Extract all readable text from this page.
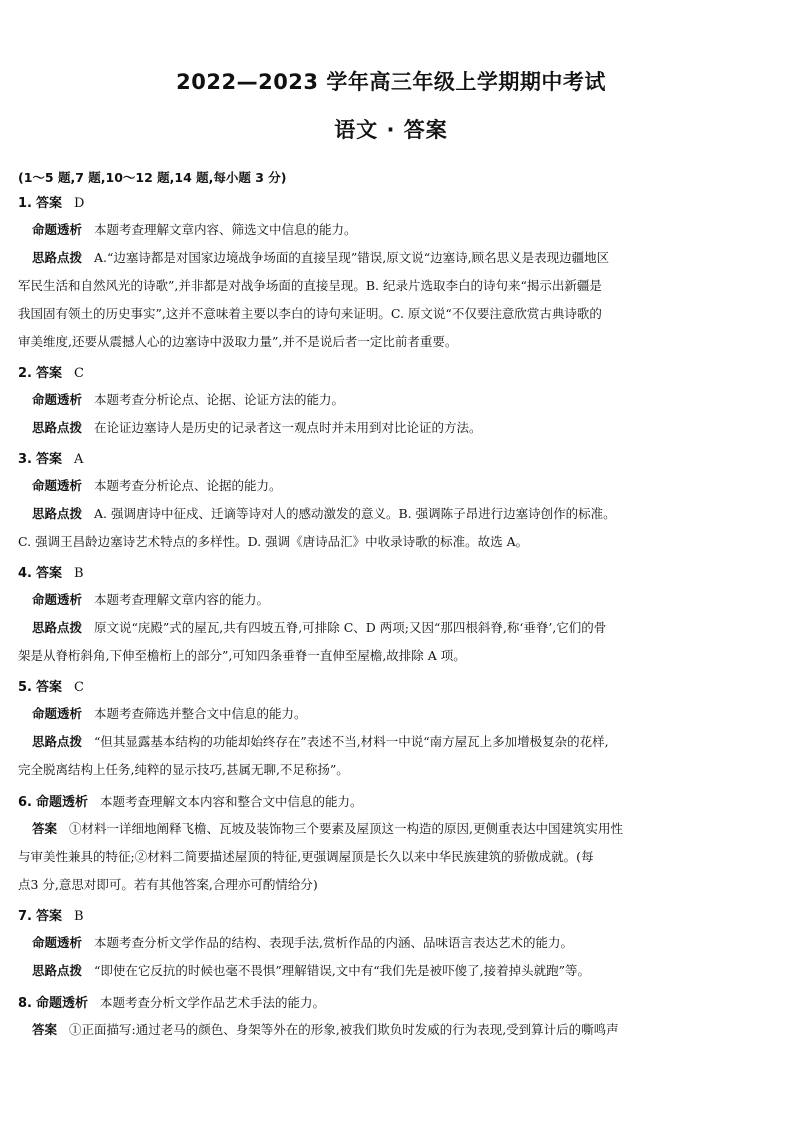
2022—2023 学年高三年级上学期期中考试
语文 · 答案
(1～5 题,7 题,10～12 题,14 题,每小题 3 分)
1. 答案 D
命题透析 本题考查理解文章内容、筛选文中信息的能力。
思路点拨 A.“边塞诗都是对国家边境战争场面的直接呈现”错误,原文说“边塞诗,顾名思义是表现边疆地区
军民生活和自然风光的诗歌”,并非都是对战争场面的直接呈现。B. 纪录片选取李白的诗句来“揭示出新疆是
我国固有领土的历史事实”,这并不意味着主要以李白的诗句来证明。C. 原文说“不仅要注意欣赏古典诗歌的
审美维度,还要从震撼人心的边塞诗中汲取力量”,并不是说后者一定比前者重要。
2. 答案 C
命题透析 本题考查分析论点、论据、论证方法的能力。
思路点拨 在论证边塞诗人是历史的记录者这一观点时并未用到对比论证的方法。
3. 答案 A
命题透析 本题考查分析论点、论据的能力。
思路点拨 A. 强调唐诗中征戍、迁谪等诗对人的感动激发的意义。B. 强调陈子昂进行边塞诗创作的标准。
C. 强调王昌龄边塞诗艺术特点的多样性。D. 强调《唐诗品汇》中收录诗歌的标准。故选 A。
4. 答案 B
命题透析 本题考查理解文章内容的能力。
思路点拨 原文说“庑殿”式的屋瓦,共有四坡五脊,可排除 C、D 两项;又因“那四根斜脊,称‘垂脊’,它们的骨
架是从脊桁斜角,下伸至檐桁上的部分”,可知四条垂脊一直伸至屋檐,故排除 A 项。
5. 答案 C
命题透析 本题考查筛选并整合文中信息的能力。
思路点拨 “但其显露基本结构的功能却始终存在”表述不当,材料一中说“南方屋瓦上多加增极复杂的花样,
完全脱离结构上任务,纯粹的显示技巧,甚属无聊,不足称扬”。
6. 命题透析 本题考查理解文本内容和整合文中信息的能力。
答案 ①材料一详细地阐释飞檐、瓦坡及装饰物三个要素及屋顶这一构造的原因,更侧重表达中国建筑实用性
与审美性兼具的特征;②材料二简要描述屋顶的特征,更强调屋顶是长久以来中华民族建筑的骄傲成就。(每
点3 分,意思对即可。若有其他答案,合理亦可酌情给分)
7. 答案 B
命题透析 本题考查分析文学作品的结构、表现手法,赏析作品的内涵、品味语言表达艺术的能力。
思路点拨 “即使在它反抗的时候也毫不畏惧”理解错误,文中有“我们先是被吓傻了,接着掉头就跑”等。
8. 命题透析 本题考查分析文学作品艺术手法的能力。
答案 ①正面描写:通过老马的颜色、身架等外在的形象,被我们欺负时发威的行为表现,受到算计后的嘶鸣声
